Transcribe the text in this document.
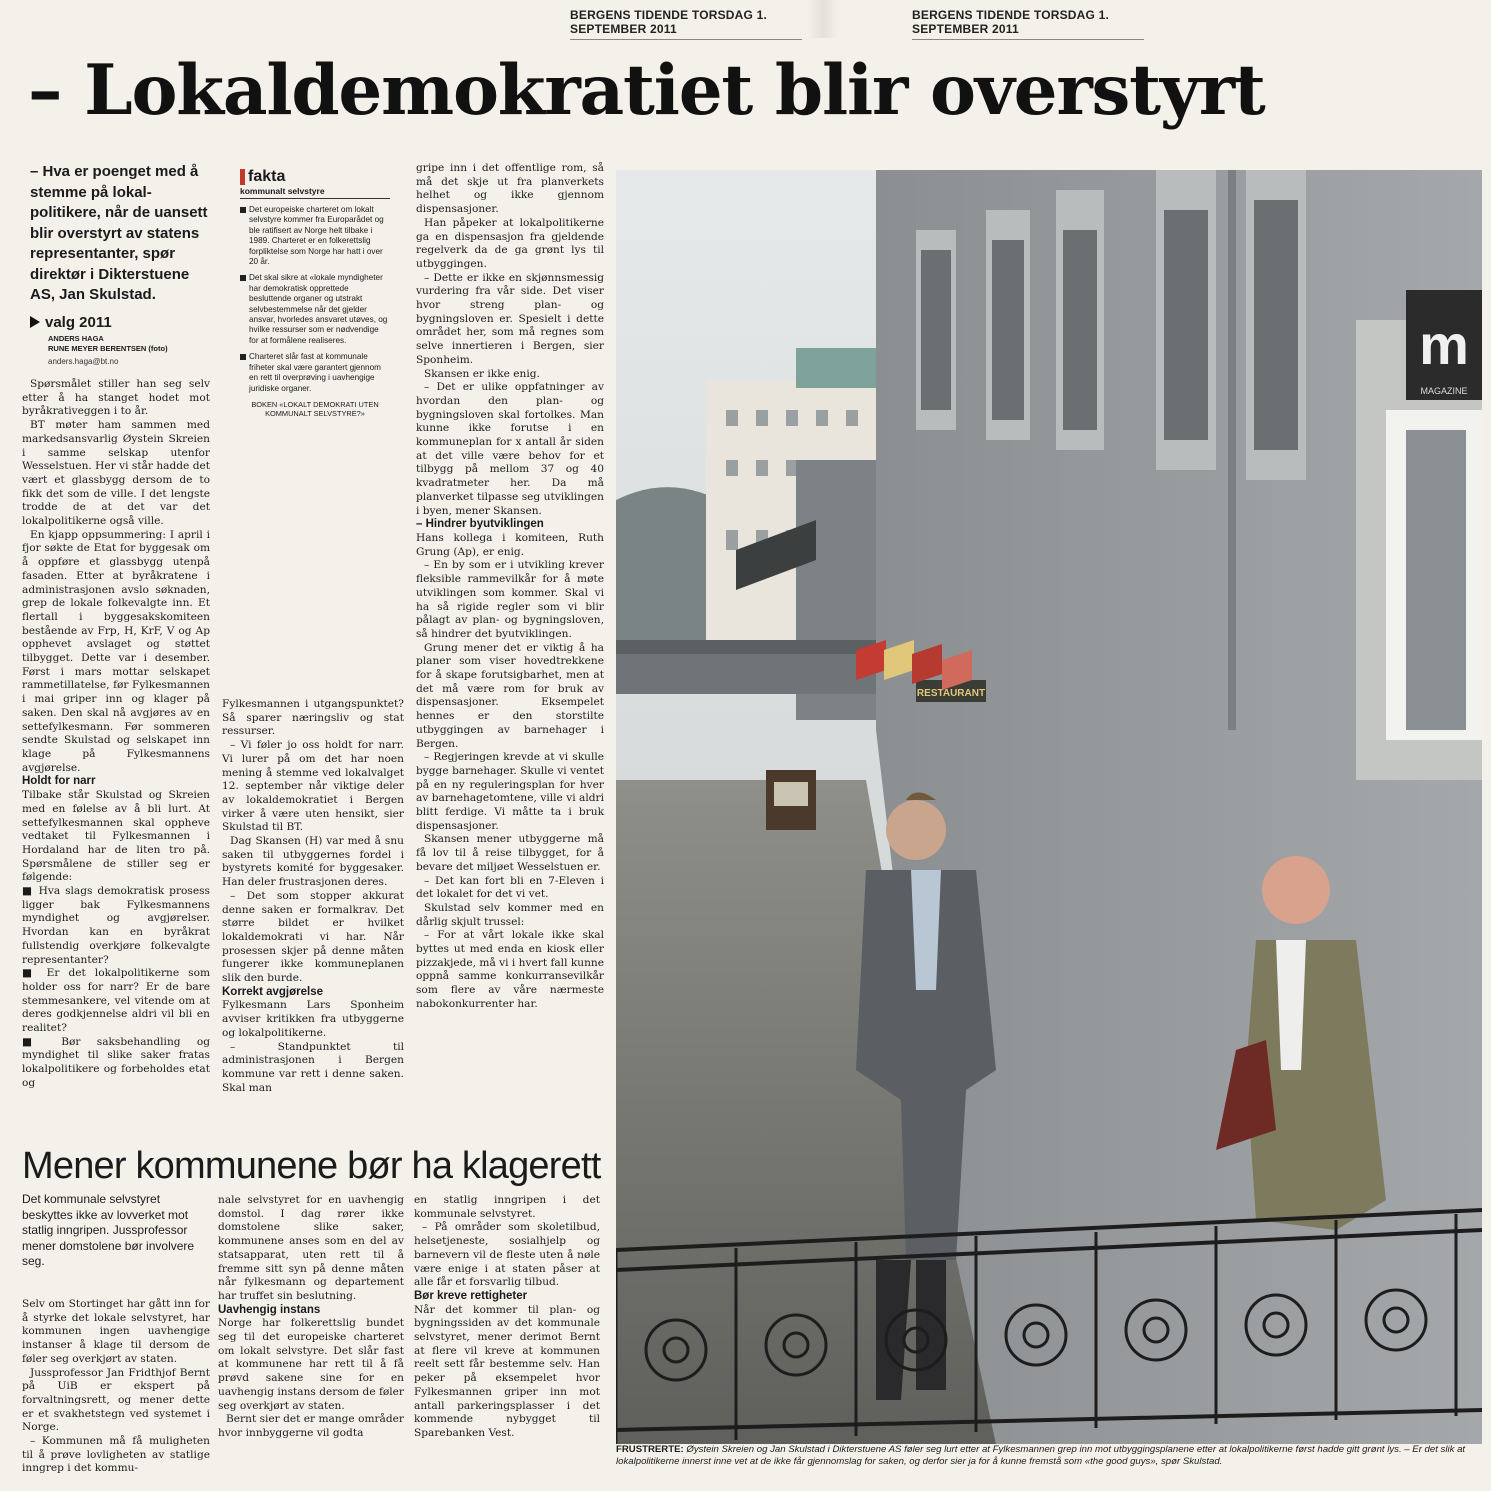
BERGENS TIDENDE TORSDAG 1. SEPTEMBER 2011
BERGENS TIDENDE TORSDAG 1. SEPTEMBER 2011
– Lokaldemokratiet blir overstyrt
– Hva er poenget med å stemme på lokal-politikere, når de uansett blir overstyrt av statens representanter, spør direktør i Dikterstuene AS, Jan Skulstad.
valg 2011
ANDERS HAGA
RUNE MEYER BERENTSEN (foto)
anders.haga@bt.no
fakta
kommunalt selvstyre
Det europeiske charteret om lokalt selvstyre kommer fra Europarådet og ble ratifisert av Norge helt tilbake i 1989. Charteret er en folkerettslig forpliktelse som Norge har hatt i over 20 år.
Det skal sikre at «lokale myndigheter har demokratisk opprettede besluttende organer og utstrakt selvbestemmelse når det gjelder ansvar, hvorledes ansvaret utøves, og hvilke ressurser som er nødvendige for at formålene realiseres.
Charteret slår fast at kommunale friheter skal være garantert gjennom en rett til overprøving i uavhengige juridiske organer.
BOKEN «LOKALT DEMOKRATI UTEN KOMMUNALT SELVSTYRE?»

Spørsmålet stiller han seg selv etter å ha stanget hodet mot byråkrativeggen i to år.

BT møter ham sammen med markedsansvarlig Øystein Skreien i samme selskap utenfor Wesselstuen. Her vi står hadde det vært et glassbygg dersom de to fikk det som de ville. I det lengste trodde de at det var det lokalpolitikerne også ville.

En kjapp oppsummering: I april i fjor søkte de Etat for byggesak om å oppføre et glassbygg utenpå fasaden. Etter at byråkratene i administrasjonen avslo søknaden, grep de lokale folkevalgte inn. Et flertall i byggesakskomiteen bestående av Frp, H, KrF, V og Ap opphevet avslaget og støttet tilbygget. Dette var i desember. Først i mars mottar selskapet rammetillatelse, før Fylkesmannen i mai griper inn og klager på saken. Den skal nå avgjøres av en settefylkesmann. Før sommeren sendte Skulstad og selskapet inn klage på Fylkesmannens avgjørelse.

Holdt for narr

Tilbake står Skulstad og Skreien med en følelse av å bli lurt. At settefylkesmannen skal oppheve vedtaket til Fylkesmannen i Hordaland har de liten tro på. Spørsmålene de stiller seg er følgende:

■ Hva slags demokratisk prosess ligger bak Fylkesmannens myndighet og avgjørelser. Hvordan kan en byråkrat fullstendig overkjøre folkevalgte representanter?

■ Er det lokalpolitikerne som holder oss for narr? Er de bare stemmesankere, vel vitende om at deres godkjennelse aldri vil bli en realitet?

■ Bør saksbehandling og myndighet til slike saker fratas lokalpolitikere og forbeholdes etat og

Fylkesmannen i utgangspunktet? Så sparer næringsliv og stat ressurser.

– Vi føler jo oss holdt for narr. Vi lurer på om det har noen mening å stemme ved lokalvalget 12. september når viktige deler av lokaldemokratiet i Bergen virker å være uten hensikt, sier Skulstad til BT.

Dag Skansen (H) var med å snu saken til utbyggernes fordel i bystyrets komité for byggesaker. Han deler frustrasjonen deres.

– Det som stopper akkurat denne saken er formalkrav. Det større bildet er hvilket lokaldemokrati vi har. Når prosessen skjer på denne måten fungerer ikke kommuneplanen slik den burde.

Korrekt avgjørelse

Fylkesmann Lars Sponheim avviser kritikken fra utbyggerne og lokalpolitikerne.

– Standpunktet til administrasjonen i Bergen kommune var rett i denne saken. Skal man

gripe inn i det offentlige rom, så må det skje ut fra planverkets helhet og ikke gjennom dispensasjoner.

Han påpeker at lokalpolitikerne ga en dispensasjon fra gjeldende regelverk da de ga grønt lys til utbyggingen.

– Dette er ikke en skjønnsmessig vurdering fra vår side. Det viser hvor streng plan- og bygningsloven er. Spesielt i dette området her, som må regnes som selve innertieren i Bergen, sier Sponheim.

Skansen er ikke enig.

– Det er ulike oppfatninger av hvordan den plan- og bygningsloven skal fortolkes. Man kunne ikke forutse i en kommuneplan for x antall år siden at det ville være behov for et tilbygg på mellom 37 og 40 kvadratmeter her. Da må planverket tilpasse seg utviklingen i byen, mener Skansen.

– Hindrer byutviklingen

Hans kollega i komiteen, Ruth Grung (Ap), er enig.

– En by som er i utvikling krever fleksible rammevilkår for å møte utviklingen som kommer. Skal vi ha så rigide regler som vi blir pålagt av plan- og bygningsloven, så hindrer det byutviklingen.

Grung mener det er viktig å ha planer som viser hovedtrekkene for å skape forutsigbarhet, men at det må være rom for bruk av dispensasjoner. Eksempelet hennes er den storstilte utbyggingen av barnehager i Bergen.

– Regjeringen krevde at vi skulle bygge barnehager. Skulle vi ventet på en ny reguleringsplan for hver av barnehagetomtene, ville vi aldri blitt ferdige. Vi måtte ta i bruk dispensasjoner.

Skansen mener utbyggerne må få lov til å reise tilbygget, for å bevare det miljøet Wesselstuen er.

– Det kan fort bli en 7-Eleven i det lokalet for det vi vet.

Skulstad selv kommer med en dårlig skjult trussel:

– For at vårt lokale ikke skal byttes ut med enda en kiosk eller pizzakjede, må vi i hvert fall kunne oppnå samme konkurransevilkår som flere av våre nærmeste nabokonkurrenter har.

m
MAGAZINE
RESTAURANT
FRUSTRERTE: Øystein Skreien og Jan Skulstad i Dikterstuene AS føler seg lurt etter at Fylkesmannen grep inn mot utbyggingsplanene etter at lokalpolitikerne først hadde gitt grønt lys. – Er det slik at lokalpolitikerne innerst inne vet at de ikke får gjennomslag for saken, og derfor sier ja for å kunne fremstå som «the good guys», spør Skulstad.
Mener kommunene bør ha klagerett
Det kommunale selvstyret beskyttes ikke av lovverket mot statlig inngripen. Jussprofessor mener domstolene bør involvere seg.

Selv om Stortinget har gått inn for å styrke det lokale selvstyret, har kommunen ingen uavhengige instanser å klage til dersom de føler seg overkjørt av staten.

Jussprofessor Jan Fridthjof Bernt på UiB er ekspert på forvaltningsrett, og mener dette er et svakhetstegn ved systemet i Norge.

– Kommunen må få muligheten til å prøve lovligheten av statlige inngrep i det kommu-

nale selvstyret for en uavhengig domstol. I dag rører ikke domstolene slike saker, kommunene anses som en del av statsapparat, uten rett til å fremme sitt syn på denne måten når fylkesmann og departement har truffet sin beslutning.

Uavhengig instans

Norge har folkerettslig bundet seg til det europeiske charteret om lokalt selvstyre. Det slår fast at kommunene har rett til å få prøvd sakene sine for en uavhengig instans dersom de føler seg overkjørt av staten.

Bernt sier det er mange områder hvor innbyggerne vil godta

en statlig inngripen i det kommunale selvstyret.

– På områder som skoletilbud, helsetjeneste, sosialhjelp og barnevern vil de fleste uten å nøle være enige i at staten påser at alle får et forsvarlig tilbud.

Bør kreve rettigheter

Når det kommer til plan- og bygningssiden av det kommunale selvstyret, mener derimot Bernt at flere vil kreve at kommunen reelt sett får bestemme selv. Han peker på eksempelet hvor Fylkesmannen griper inn mot antall parkeringsplasser i det kommende nybygget til Sparebanken Vest.
